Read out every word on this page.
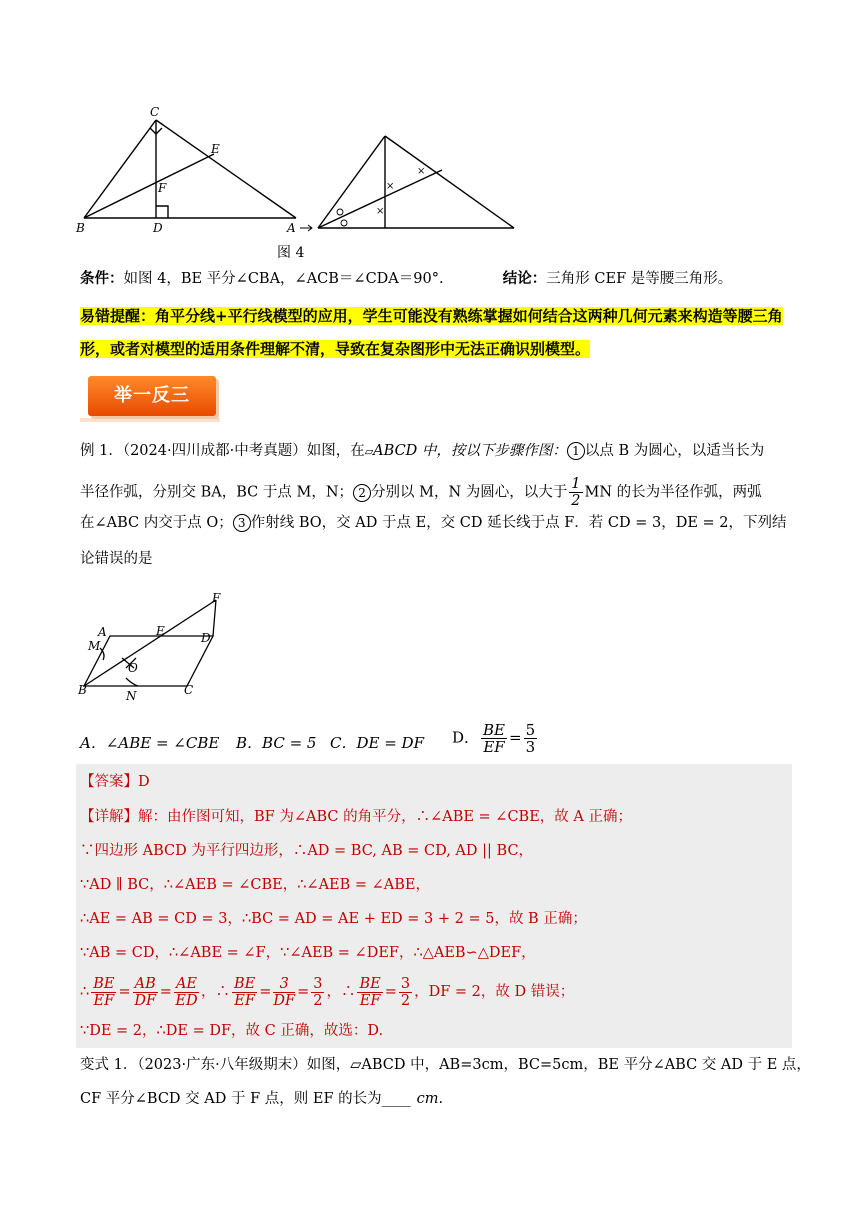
C
E
F
B	D	A
×
×
×
图 4
条件：如图 4，BE 平分∠CBA，∠ACB＝∠CDA＝90°.	结论：三角形 CEF 是等腰三角形。
易错提醒：角平分线+平行线模型的应用，学生可能没有熟练掌握如何结合这两种几何元素来构造等腰三角
形，或者对模型的适用条件理解不清，导致在复杂图形中无法正确识别模型。
举一反三
例 1．（2024·四川成都·中考真题）如图，在▱ABCD 中，按以下步骤作图： 1 以点 B 为圆心，以适当长为
半径作弧，分别交 BA，BC 于点 M，N； 2 分别以 M，N 为圆心，以大于 $\frac{1}{2}$ MN 的长为半径作弧，两弧
在∠ABC 内交于点 O； 3 作射线 BO，交 AD 于点 E，交 CD 延长线于点 F．若 CD = 3，DE = 2，下列结
论错误的是
F
A	E	D
M
O
B	N	C
A．∠ABE = ∠CBE B．BC = 5 C．DE = DF D． $\frac{BE}{EF} = \frac{5}{3}$
【答案】D
【详解】解：由作图可知，BF 为∠ABC 的角平分，∴∠ABE = ∠CBE，故 A 正确；
∵四边形 ABCD 为平行四边形，∴AD = BC, AB = CD, AD || BC，
∵AD ∥ BC，∴∠AEB = ∠CBE，∴∠AEB = ∠ABE，
∴AE = AB = CD = 3，∴BC = AD = AE + ED = 3 + 2 = 5，故 B 正确；
∵AB = CD，∴∠ABE = ∠F，∵∠AEB = ∠DEF，∴△AEB∽△DEF，
∴ $\frac{BE}{EF} = \frac{AB}{DF} = \frac{AE}{ED}$ ，∴ $\frac{BE}{EF} = \frac{3}{DF} = \frac{3}{2}$ ，∴ $\frac{BE}{EF} = \frac{3}{2}$ ，DF = 2，故 D 错误；
∵DE = 2，∴DE = DF，故 C 正确，故选：D.
变式 1．（2023·广东·八年级期末）如图，▱ABCD 中，AB=3cm，BC=5cm，BE 平分∠ABC 交 AD 于 E 点，
CF 平分∠BCD 交 AD 于 F 点，则 EF 的长为____ cm.
